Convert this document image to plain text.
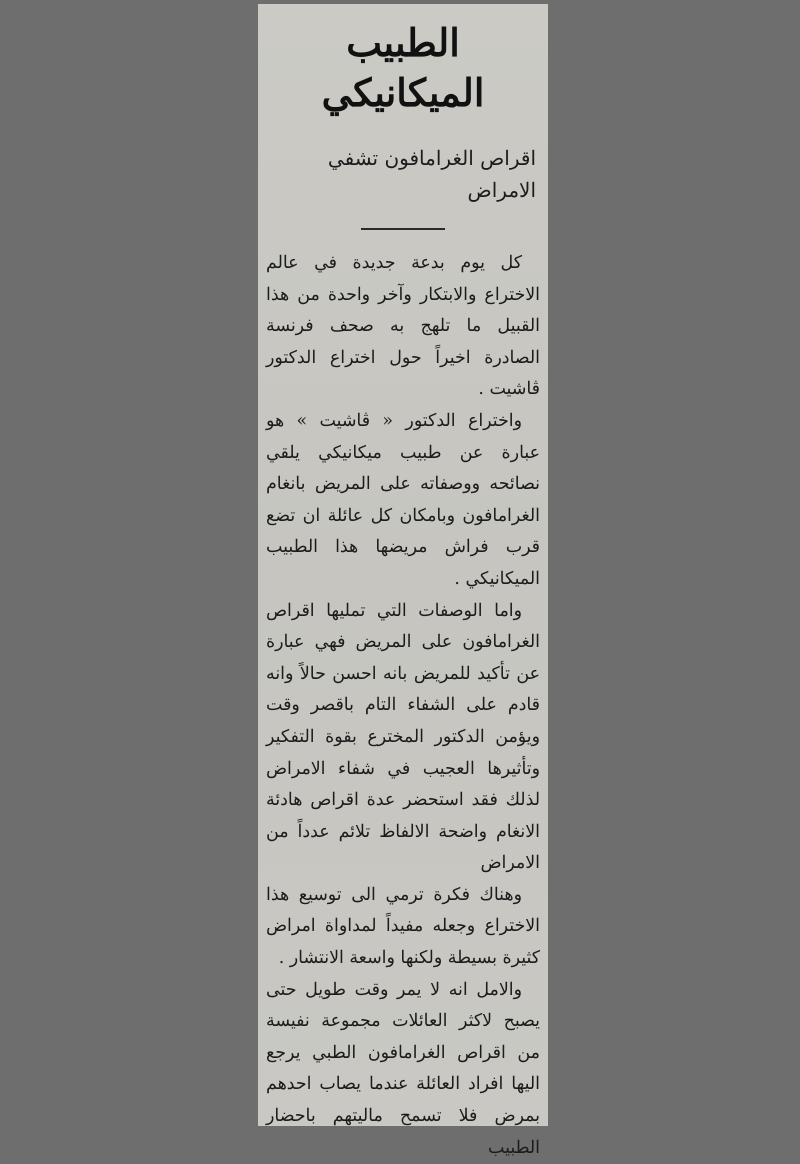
الطبيب الميكانيكي
اقراص الغرامافون تشفي الامراض

كل يوم بدعة جديدة في عالم الاختراع والابتكار وآخر واحدة من هذا القبيل ما تلهج به صحف فرنسة الصادرة اخيراً حول اختراع الدكتور ڤاشيت .

واختراع الدكتور « ڤاشيت » هو عبارة عن طبيب ميكانيكي يلقي نصائحه ووصفاته على المريض بانغام الغرامافون وبامكان كل عائلة ان تضع قرب فراش مريضها هذا الطبيب الميكانيكي .

واما الوصفات التي تمليها اقراص الغرامافون على المريض فهي عبارة عن تأكيد للمريض بانه احسن حالاً وانه قادم على الشفاء التام باقصر وقت ويؤمن الدكتور المخترع بقوة التفكير وتأثيرها العجيب في شفاء الامراض لذلك فقد استحضر عدة اقراص هادئة الانغام واضحة الالفاظ تلائم عدداً من الامراض

وهناك فكرة ترمي الى توسيع هذا الاختراع وجعله مفيداً لمداواة امراض كثيرة بسيطة ولكنها واسعة الانتشار .

والامل انه لا يمر وقت طويل حتى يصبح لاكثر العائلات مجموعة نفيسة من اقراص الغرامافون الطبي يرجع اليها افراد العائلة عندما يصاب احدهم بمرض فلا تسمح ماليتهم باحضار الطبيب
